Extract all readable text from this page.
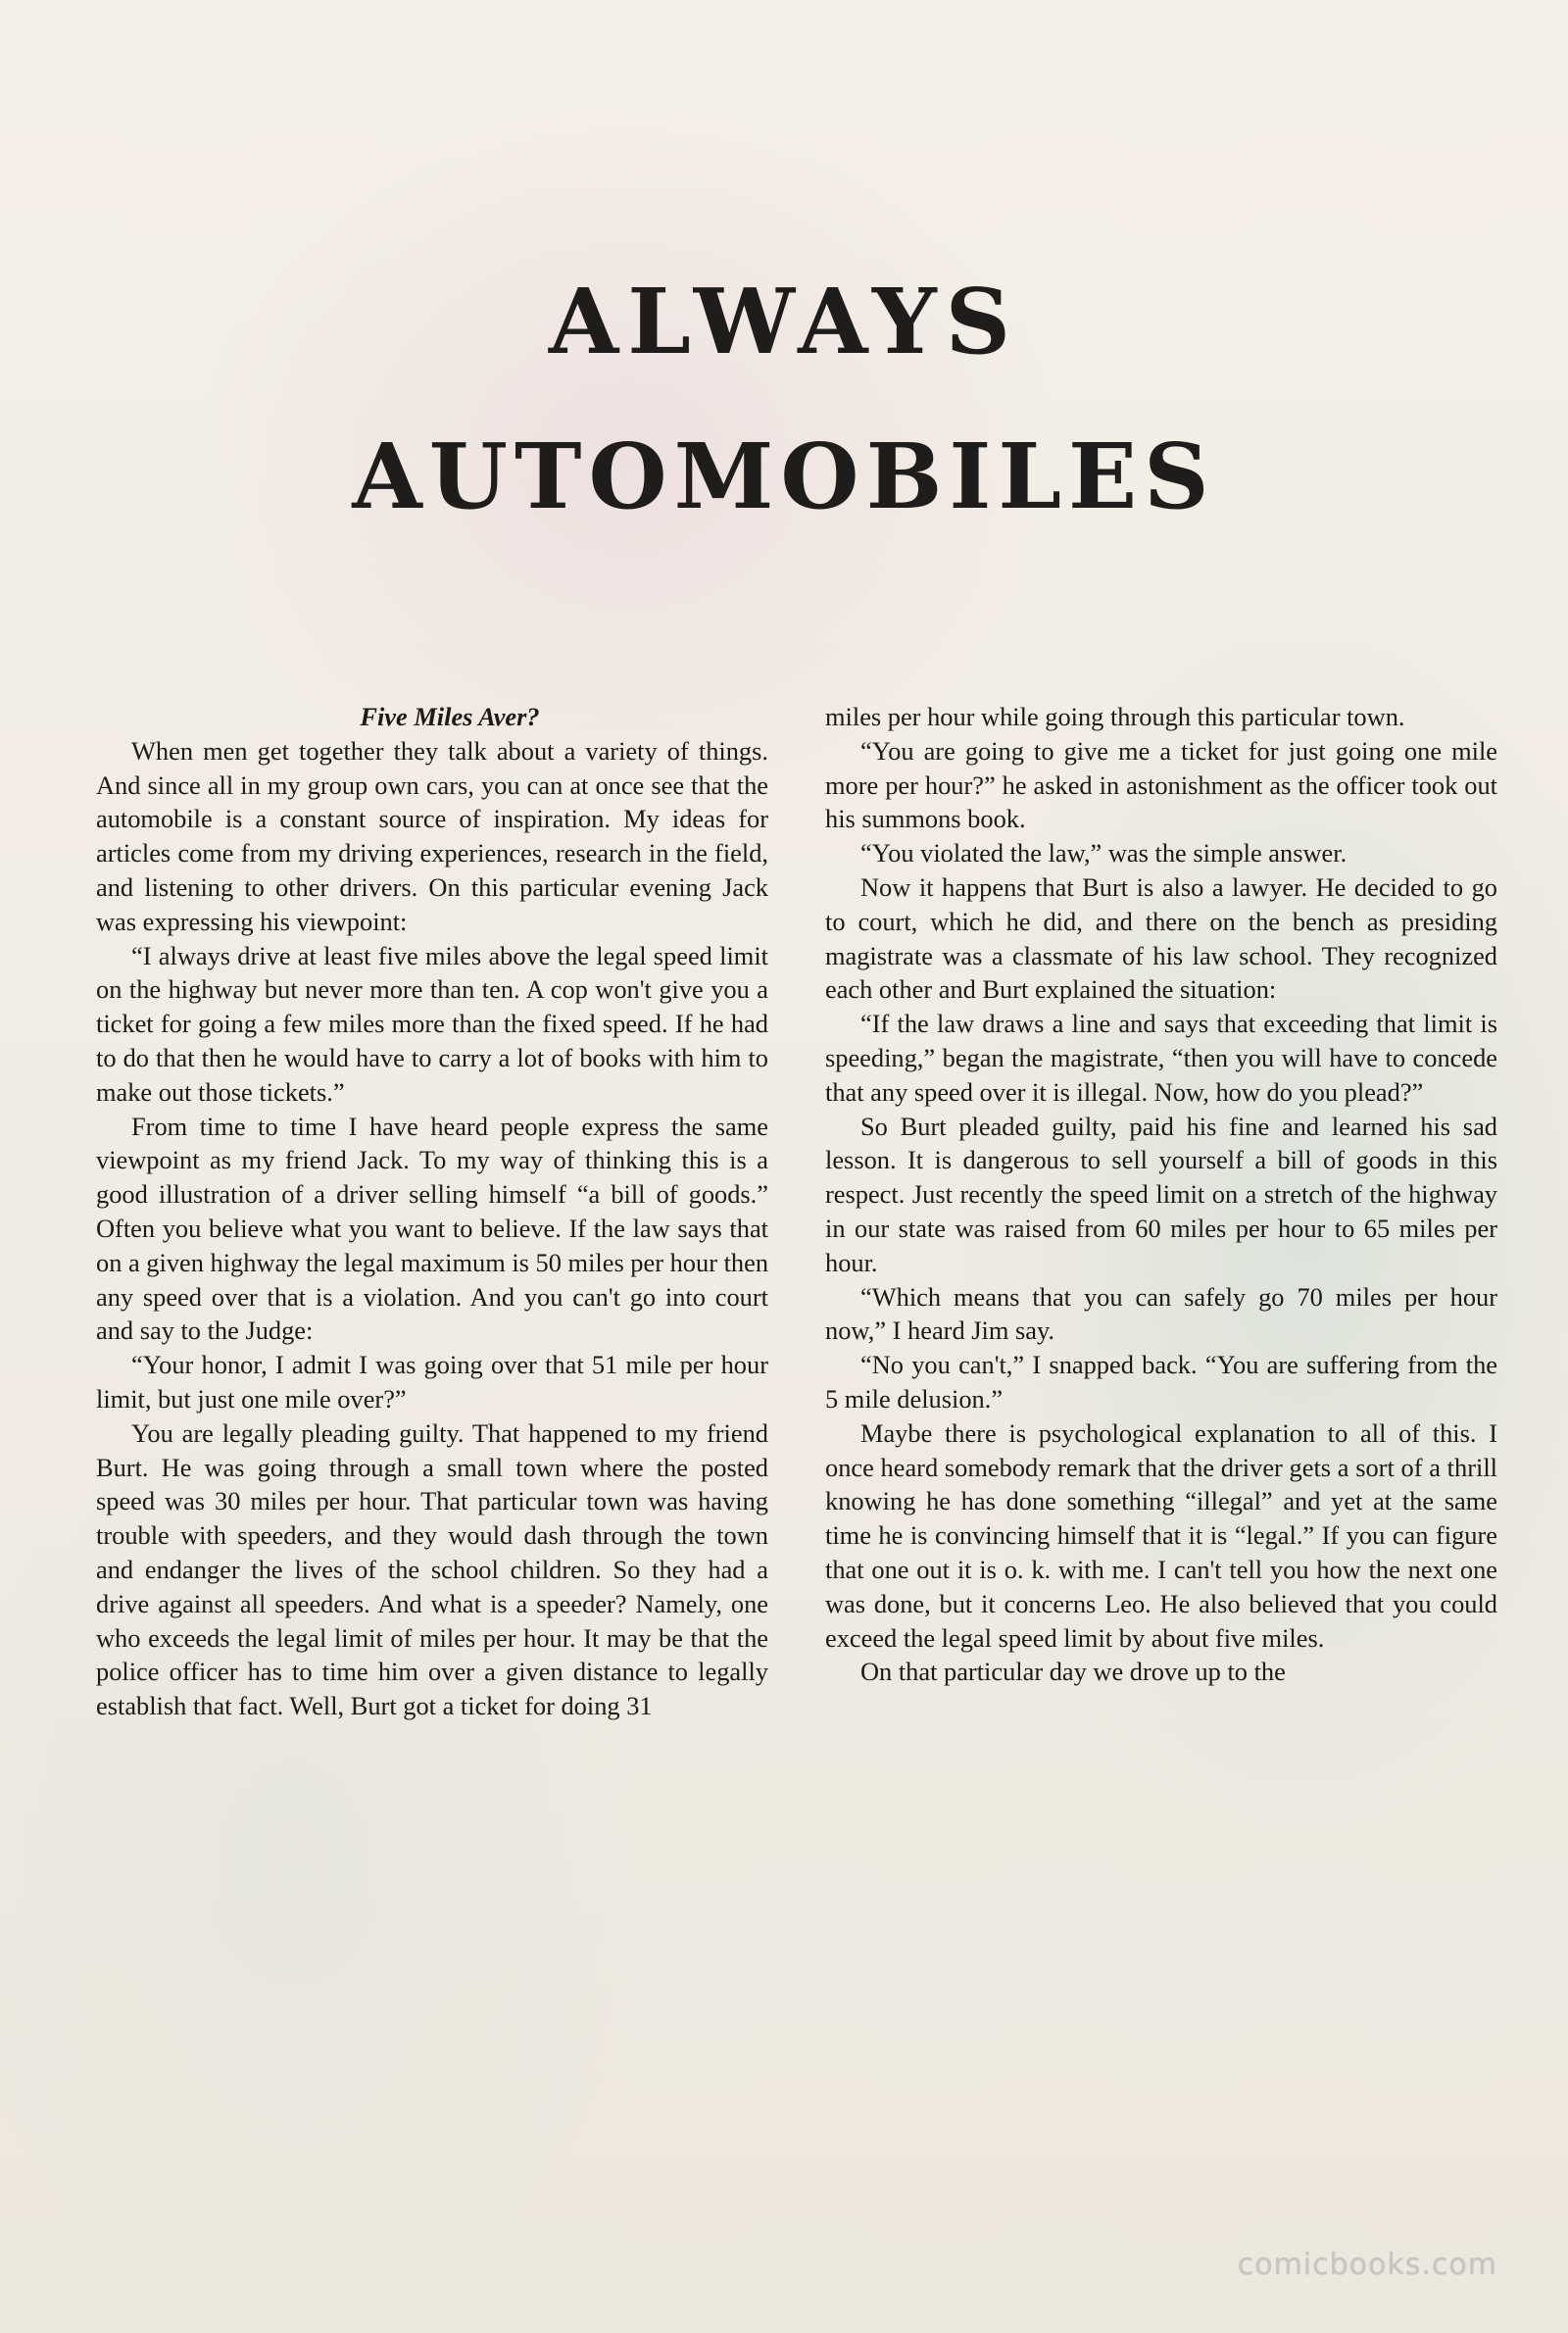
ALWAYS
AUTOMOBILES

Five Miles Aver?

When men get together they talk about a variety of things. And since all in my group own cars, you can at once see that the automobile is a constant source of inspiration. My ideas for articles come from my driving experiences, research in the field, and listening to other drivers. On this particular evening Jack was expressing his viewpoint:

“I always drive at least five miles above the legal speed limit on the highway but never more than ten. A cop won't give you a ticket for going a few miles more than the fixed speed. If he had to do that then he would have to carry a lot of books with him to make out those tickets.”

From time to time I have heard people express the same viewpoint as my friend Jack. To my way of thinking this is a good illustration of a driver selling himself “a bill of goods.” Often you believe what you want to believe. If the law says that on a given highway the legal maximum is 50 miles per hour then any speed over that is a violation. And you can't go into court and say to the Judge:

“Your honor, I admit I was going over that 51 mile per hour limit, but just one mile over?”

You are legally pleading guilty. That happened to my friend Burt. He was going through a small town where the posted speed was 30 miles per hour. That particular town was having trouble with speeders, and they would dash through the town and endanger the lives of the school children. So they had a drive against all speeders. And what is a speeder? Namely, one who exceeds the legal limit of miles per hour. It may be that the police officer has to time him over a given distance to legally establish that fact. Well, Burt got a ticket for doing 31

miles per hour while going through this particular town.

“You are going to give me a ticket for just going one mile more per hour?” he asked in astonishment as the officer took out his summons book.

“You violated the law,” was the simple answer.

Now it happens that Burt is also a lawyer. He decided to go to court, which he did, and there on the bench as presiding magistrate was a classmate of his law school. They recognized each other and Burt explained the situation:

“If the law draws a line and says that exceeding that limit is speeding,” began the magistrate, “then you will have to concede that any speed over it is illegal. Now, how do you plead?”

So Burt pleaded guilty, paid his fine and learned his sad lesson. It is dangerous to sell yourself a bill of goods in this respect. Just recently the speed limit on a stretch of the highway in our state was raised from 60 miles per hour to 65 miles per hour.

“Which means that you can safely go 70 miles per hour now,” I heard Jim say.

“No you can't,” I snapped back. “You are suffering from the 5 mile delusion.”

Maybe there is psychological explanation to all of this. I once heard somebody remark that the driver gets a sort of a thrill knowing he has done something “illegal” and yet at the same time he is convincing himself that it is “legal.” If you can figure that one out it is o. k. with me. I can't tell you how the next one was done, but it concerns Leo. He also believed that you could exceed the legal speed limit by about five miles.

On that particular day we drove up to the

comicbooks.com
